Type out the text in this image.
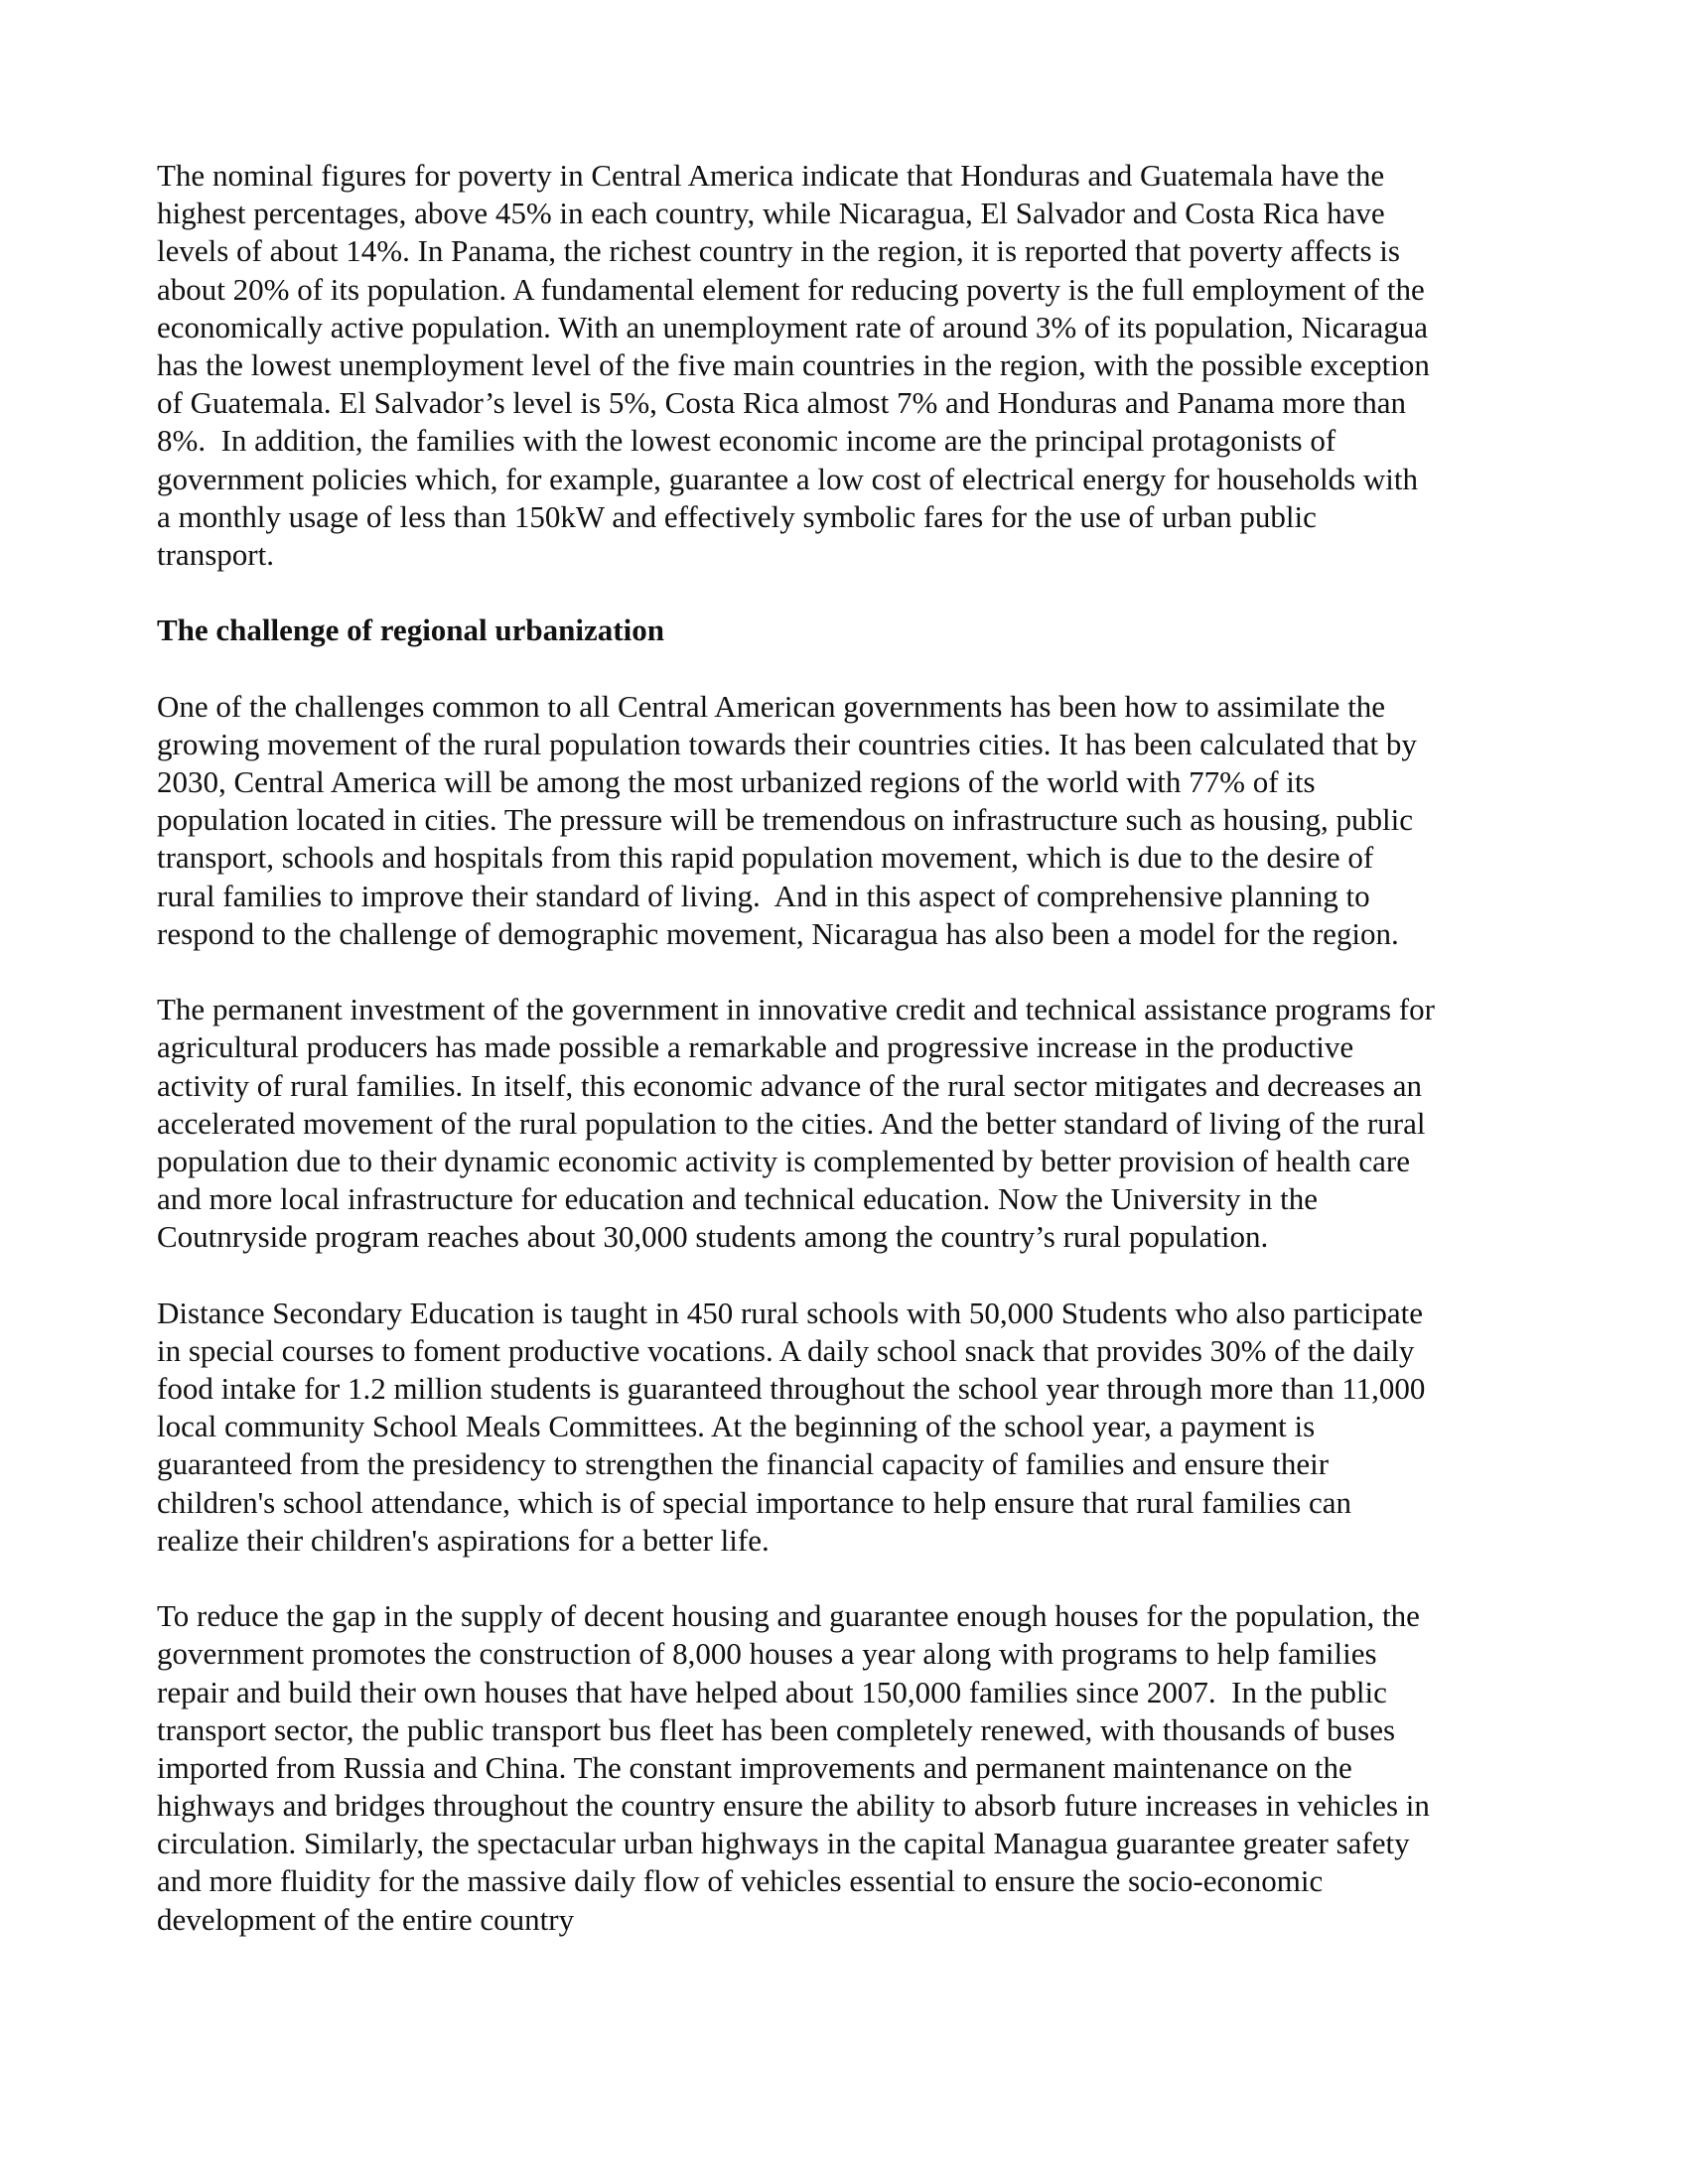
The nominal figures for poverty in Central America indicate that Honduras and Guatemala have the
highest percentages, above 45% in each country, while Nicaragua, El Salvador and Costa Rica have
levels of about 14%. In Panama, the richest country in the region, it is reported that poverty affects is
about 20% of its population. A fundamental element for reducing poverty is the full employment of the
economically active population. With an unemployment rate of around 3% of its population, Nicaragua
has the lowest unemployment level of the five main countries in the region, with the possible exception
of Guatemala. El Salvador’s level is 5%, Costa Rica almost 7% and Honduras and Panama more than
8%.  In addition, the families with the lowest economic income are the principal protagonists of
government policies which, for example, guarantee a low cost of electrical energy for households with
a monthly usage of less than 150kW and effectively symbolic fares for the use of urban public
transport.
The challenge of regional urbanization
One of the challenges common to all Central American governments has been how to assimilate the
growing movement of the rural population towards their countries cities. It has been calculated that by
2030, Central America will be among the most urbanized regions of the world with 77% of its
population located in cities. The pressure will be tremendous on infrastructure such as housing, public
transport, schools and hospitals from this rapid population movement, which is due to the desire of
rural families to improve their standard of living.  And in this aspect of comprehensive planning to
respond to the challenge of demographic movement, Nicaragua has also been a model for the region.
The permanent investment of the government in innovative credit and technical assistance programs for
agricultural producers has made possible a remarkable and progressive increase in the productive
activity of rural families. In itself, this economic advance of the rural sector mitigates and decreases an
accelerated movement of the rural population to the cities. And the better standard of living of the rural
population due to their dynamic economic activity is complemented by better provision of health care
and more local infrastructure for education and technical education. Now the University in the
Coutnryside program reaches about 30,000 students among the country’s rural population.
Distance Secondary Education is taught in 450 rural schools with 50,000 Students who also participate
in special courses to foment productive vocations. A daily school snack that provides 30% of the daily
food intake for 1.2 million students is guaranteed throughout the school year through more than 11,000
local community School Meals Committees. At the beginning of the school year, a payment is
guaranteed from the presidency to strengthen the financial capacity of families and ensure their
children's school attendance, which is of special importance to help ensure that rural families can
realize their children's aspirations for a better life.
To reduce the gap in the supply of decent housing and guarantee enough houses for the population, the
government promotes the construction of 8,000 houses a year along with programs to help families
repair and build their own houses that have helped about 150,000 families since 2007.  In the public
transport sector, the public transport bus fleet has been completely renewed, with thousands of buses
imported from Russia and China. The constant improvements and permanent maintenance on the
highways and bridges throughout the country ensure the ability to absorb future increases in vehicles in
circulation. Similarly, the spectacular urban highways in the capital Managua guarantee greater safety
and more fluidity for the massive daily flow of vehicles essential to ensure the socio-economic
development of the entire country
